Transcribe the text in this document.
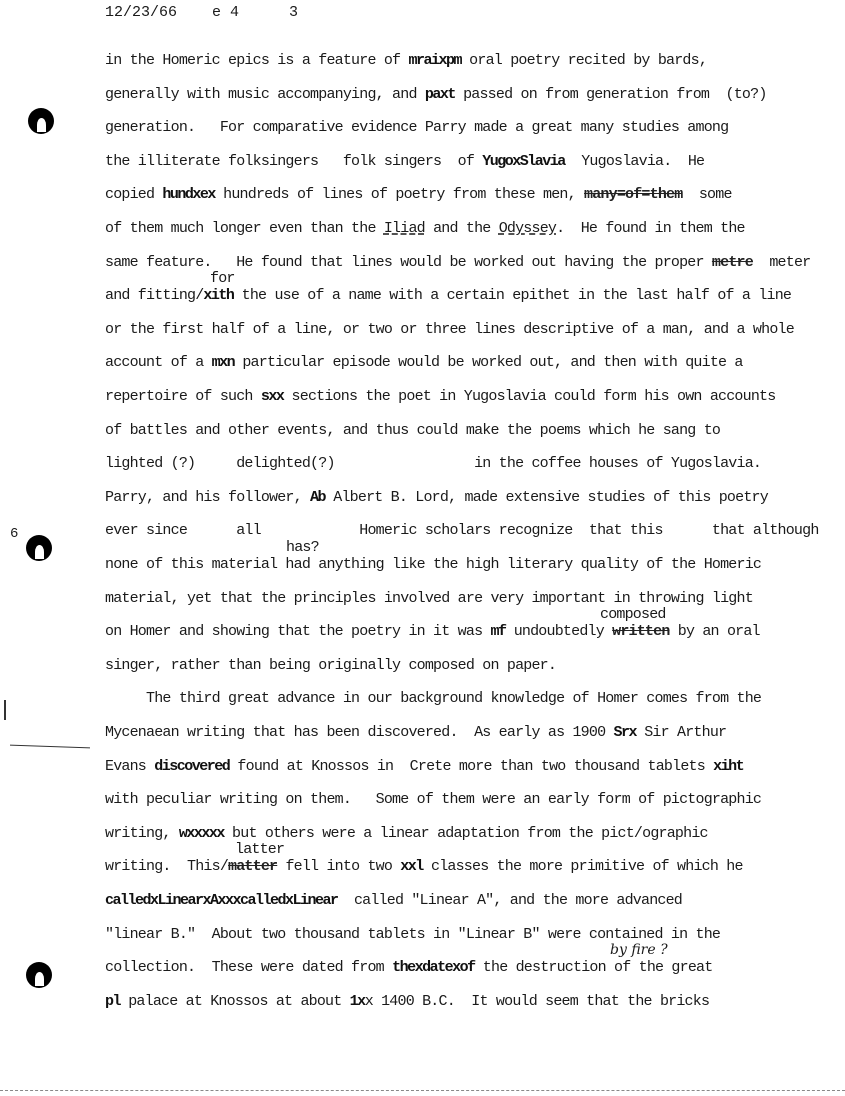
12/23/66 e 4	3
in the Homeric epics is a feature of mraixpm oral poetry recited by bards,
generally with music accompanying, and paxt passed on from generation from  (to?)
generation.   For comparative evidence Parry made a great many studies among
the illiterate folksingers   folk singers  of YugoxSlavia  Yugoslavia.  He
copied hundxex hundreds of lines of poetry from these men, many=of=them  some
of them much longer even than the Iliad and the Odyssey.  He found in them the
same feature.   He found that lines would be worked out having the proper metre  meter
and fitting/xith the use of a name with a certain epithet in the last half of a line
or the first half of a line, or two or three lines descriptive of a man, and a whole
account of a mxn particular episode would be worked out, and then with quite a
repertoire of such sxx sections the poet in Yugoslavia could form his own accounts
of battles and other events, and thus could make the poems which he sang to
lighted (?)     delighted(?)                 in the coffee houses of Yugoslavia.
Parry, and his follower, Ab Albert B. Lord, made extensive studies of this poetry
ever since      all            Homeric scholars recognize  that this      that although
none of this material had anything like the high literary quality of the Homeric
material, yet that the principles involved are very important in throwing light
on Homer and showing that the poetry in it was mf undoubtedly written by an oral
singer, rather than being originally composed on paper.
The third great advance in our background knowledge of Homer comes from the
Mycenaean writing that has been discovered.  As early as 1900 Srx Sir Arthur
Evans discovered found at Knossos in  Crete more than two thousand tablets xiht
with peculiar writing on them.   Some of them were an early form of pictographic
writing, wxxxxx but others were a linear adaptation from the pict/ographic
writing.  This/matter fell into two xxl classes the more primitive of which he
calledxLinearxAxxxcalledxLinear  called "Linear A", and the more advanced
"linear B."  About two thousand tablets in "Linear B" were contained in the
collection.  These were dated from thexdatexof the destruction of the great
pl palace at Knossos at about 1xx 1400 B.C.  It would seem that the bricks
for
has?
composed
latter
by fire ?
6
